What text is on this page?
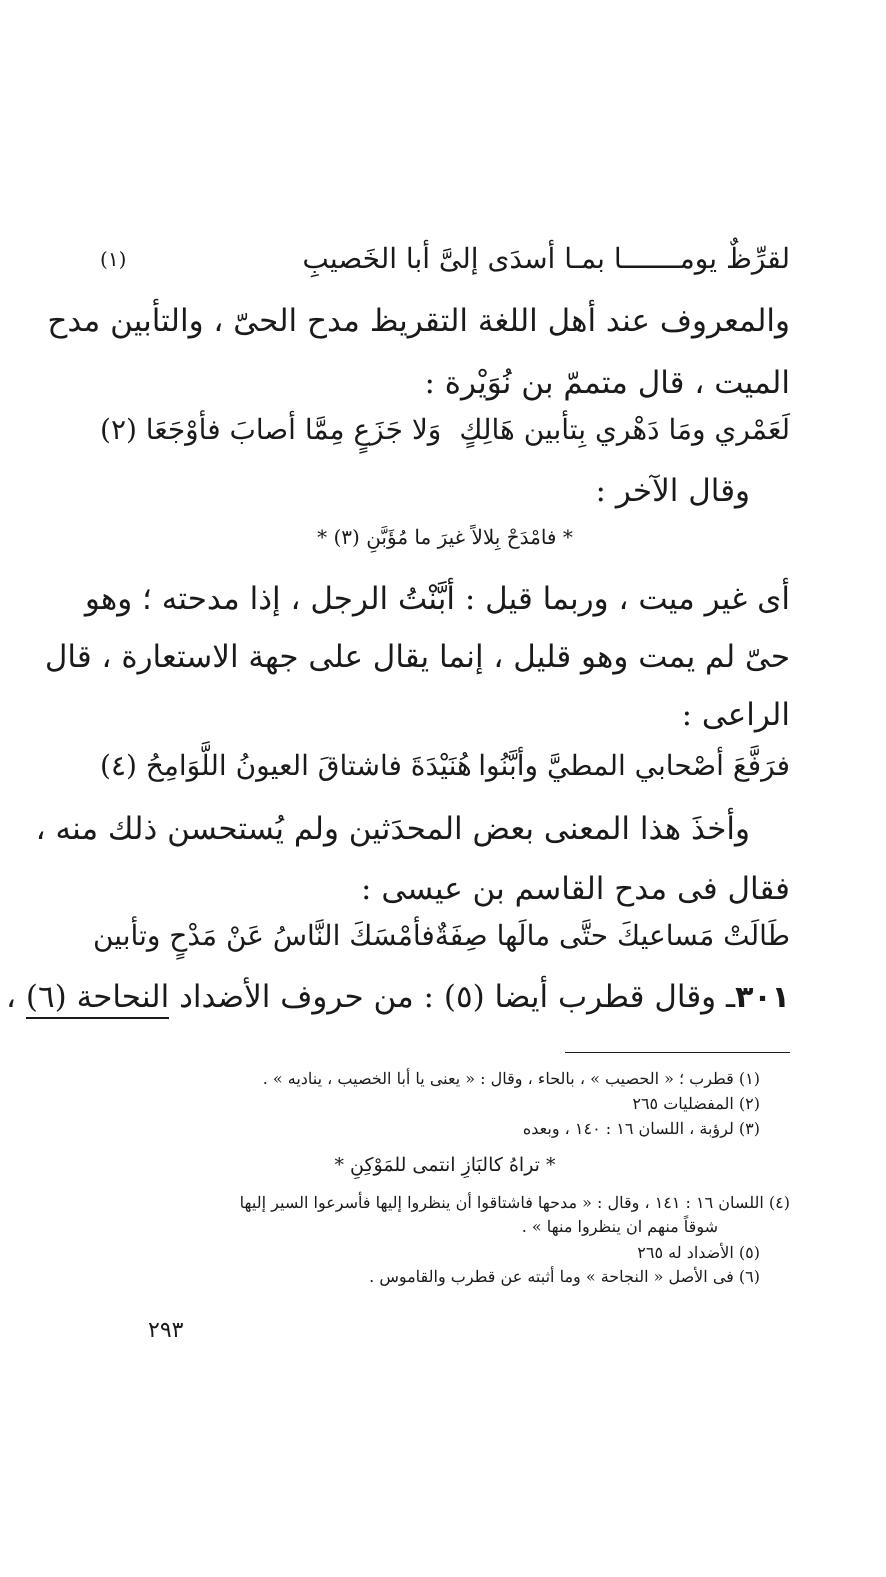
لقرِّظٌ يومـــــــا بمـا أسدَى إلىَّ أبا الخَصيبِ
(١)
والمعروف عند أهل اللغة التقريظ مدح الحىّ ، والتأبين مدح
الميت ، قال متممّ بن نُوَيْرة :
لَعَمْري ومَا دَهْري بِتأبين هَالِكٍ
وَلا جَزَعٍ مِمَّا أصابَ فأوْجَعَا (٢)
وقال الآخر :
* فامْدَحْ بِلالاً غيرَ ما مُؤَبَّنِ (٣) *
أى غير ميت ، وربما قيل : أبَّنْتُ الرجل ، إذا مدحته ؛ وهو
حىّ لم يمت وهو قليل ، إنما يقال على جهة الاستعارة ، قال
الراعى :
فرَفَّعَ أصْحابي المطيَّ وأبَّنُوا
هُنَيْدَةَ فاشتاقَ العيونُ اللَّوَامِحُ (٤)
وأخذَ هذا المعنى بعض المحدَثين ولم يُستحسن ذلك منه ،
فقال فى مدح القاسم بن عيسى :
طَالَتْ مَساعيكَ حتَّى مالَها صِفَةٌ
فأمْسَكَ النَّاسُ عَنْ مَدْحٍ وتأبين
٣٠١ـ وقال قطرب أيضا (٥) : من حروف الأضداد النحاحة (٦) ،
(١) قطرب ؛ « الحصيب » ، بالحاء ، وقال : « يعنى يا أبا الخصيب ، يناديه » .
(٢) المفضليات ٢٦٥
(٣) لرؤبة ، اللسان ١٦ : ١٤٠ ، وبعده
* تراهُ كالبَازِ انتمى للمَوْكِنِ *
(٤) اللسان ١٦ : ١٤١ ، وقال : « مدحها فاشتاقوا أن ينظروا إليها فأسرعوا السير إليها
شوقاً منهم ان ينظروا منها » .
(٥) الأضداد له ٢٦٥
(٦) فى الأصل « النجاحة » وما أثبته عن قطرب والقاموس .
٢٩٣
